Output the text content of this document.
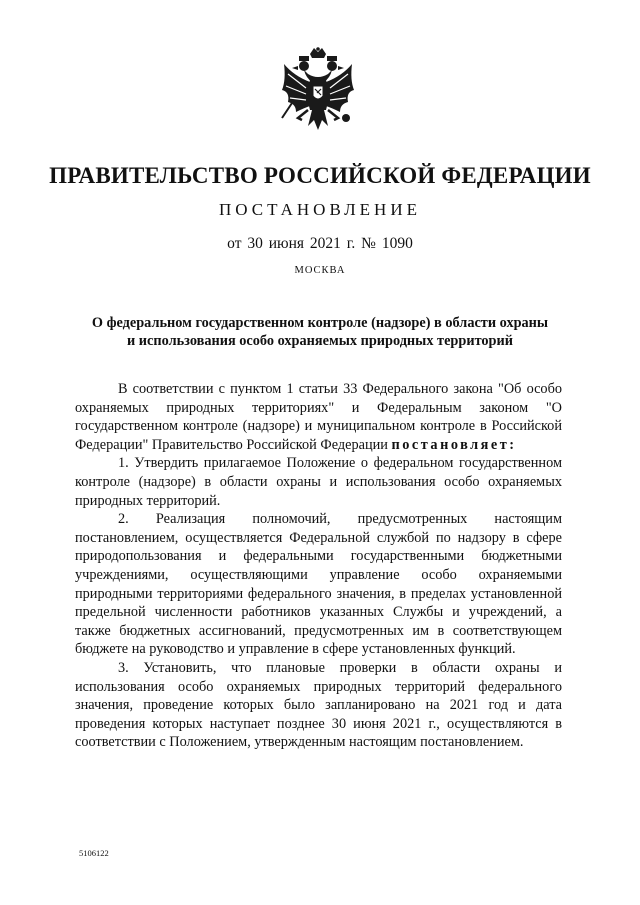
ПРАВИТЕЛЬСТВО РОССИЙСКОЙ ФЕДЕРАЦИИ
ПОСТАНОВЛЕНИЕ
от 30 июня 2021 г. № 1090
МОСКВА
О федеральном государственном контроле (надзоре) в области охраны
и использования особо охраняемых природных территорий

В соответствии с пунктом 1 статьи 33 Федерального закона "Об особо охраняемых природных территориях" и Федеральным законом "О государственном контроле (надзоре) и муниципальном контроле в Российской Федерации" Правительство Российской Федерации постановляет:

1. Утвердить прилагаемое Положение о федеральном государственном контроле (надзоре) в области охраны и использования особо охраняемых природных территорий.

2. Реализация полномочий, предусмотренных настоящим постановлением, осуществляется Федеральной службой по надзору в сфере природопользования и федеральными государственными бюджетными учреждениями, осуществляющими управление особо охраняемыми природными территориями федерального значения, в пределах установленной предельной численности работников указанных Службы и учреждений, а также бюджетных ассигнований, предусмотренных им в соответствующем бюджете на руководство и управление в сфере установленных функций.

3. Установить, что плановые проверки в области охраны и использования особо охраняемых природных территорий федерального значения, проведение которых было запланировано на 2021 год и дата проведения которых наступает позднее 30 июня 2021 г., осуществляются в соответствии с Положением, утвержденным настоящим постановлением.

5106122
